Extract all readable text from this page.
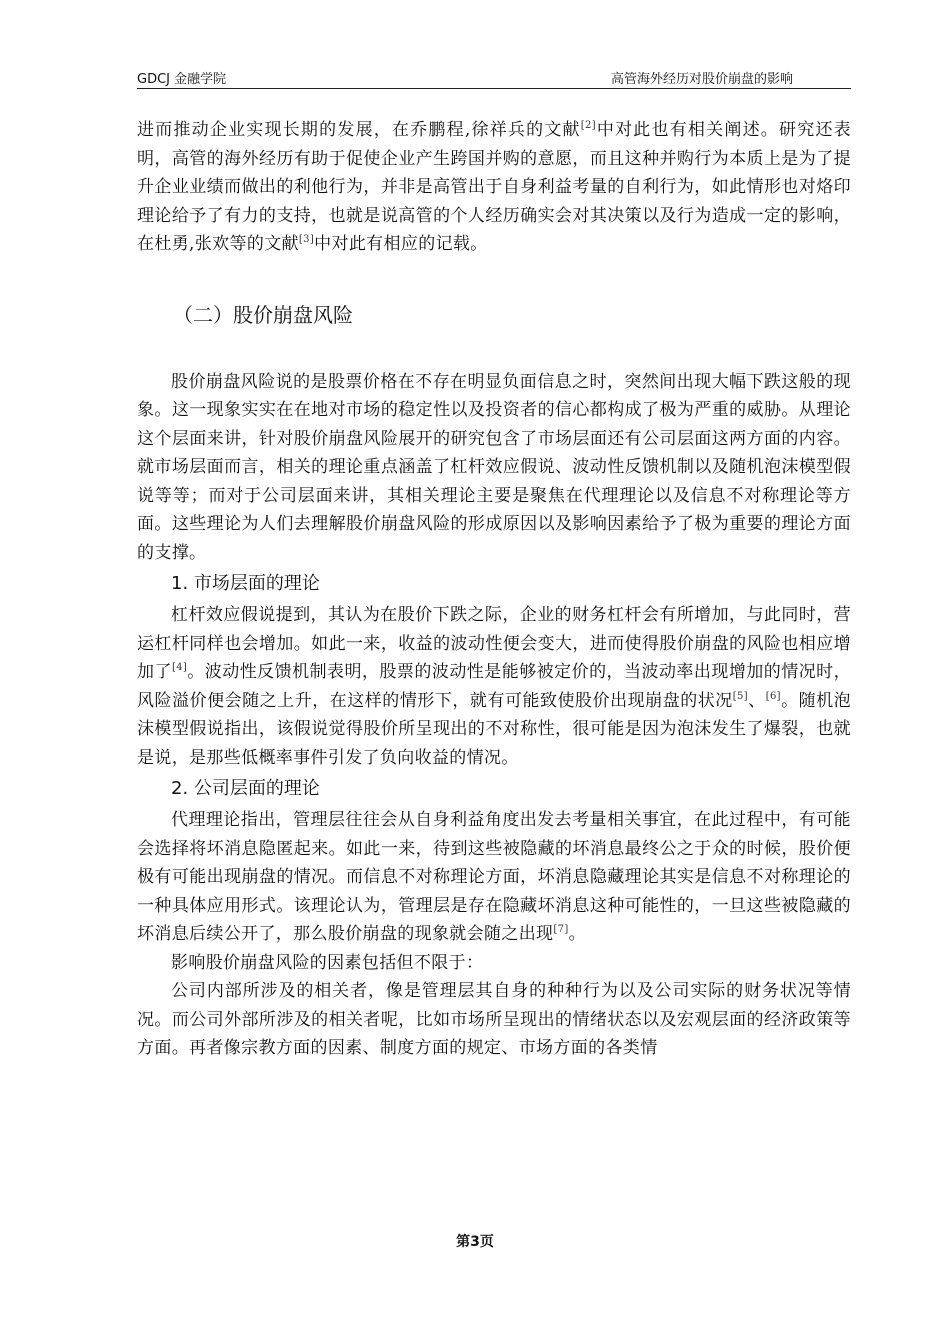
GDCJ 金融学院	高管海外经历对股价崩盘的影响

进而推动企业实现长期的发展，在乔鹏程,徐祥兵的文献[2]中对此也有相关阐述。研究还表明，高管的海外经历有助于促使企业产生跨国并购的意愿，而且这种并购行为本质上是为了提升企业业绩而做出的利他行为，并非是高管出于自身利益考量的自利行为，如此情形也对烙印理论给予了有力的支持，也就是说高管的个人经历确实会对其决策以及行为造成一定的影响，在杜勇,张欢等的文献[3]中对此有相应的记载。

（二）股价崩盘风险

股价崩盘风险说的是股票价格在不存在明显负面信息之时，突然间出现大幅下跌这般的现象。这一现象实实在在地对市场的稳定性以及投资者的信心都构成了极为严重的威胁。从理论这个层面来讲，针对股价崩盘风险展开的研究包含了市场层面还有公司层面这两方面的内容。就市场层面而言，相关的理论重点涵盖了杠杆效应假说、波动性反馈机制以及随机泡沫模型假说等等；而对于公司层面来讲，其相关理论主要是聚焦在代理理论以及信息不对称理论等方面。这些理论为人们去理解股价崩盘风险的形成原因以及影响因素给予了极为重要的理论方面的支撑。

1. 市场层面的理论

杠杆效应假说提到，其认为在股价下跌之际，企业的财务杠杆会有所增加，与此同时，营运杠杆同样也会增加。如此一来，收益的波动性便会变大，进而使得股价崩盘的风险也相应增加了[4]。波动性反馈机制表明，股票的波动性是能够被定价的，当波动率出现增加的情况时，风险溢价便会随之上升，在这样的情形下，就有可能致使股价出现崩盘的状况[5]、[6]。随机泡沫模型假说指出，该假说觉得股价所呈现出的不对称性，很可能是因为泡沫发生了爆裂，也就是说，是那些低概率事件引发了负向收益的情况。

2. 公司层面的理论

代理理论指出，管理层往往会从自身利益角度出发去考量相关事宜，在此过程中，有可能会选择将坏消息隐匿起来。如此一来，待到这些被隐藏的坏消息最终公之于众的时候，股价便极有可能出现崩盘的情况。而信息不对称理论方面，坏消息隐藏理论其实是信息不对称理论的一种具体应用形式。该理论认为，管理层是存在隐藏坏消息这种可能性的，一旦这些被隐藏的坏消息后续公开了，那么股价崩盘的现象就会随之出现[7]。

影响股价崩盘风险的因素包括但不限于：

公司内部所涉及的相关者，像是管理层其自身的种种行为以及公司实际的财务状况等情况。而公司外部所涉及的相关者呢，比如市场所呈现出的情绪状态以及宏观层面的经济政策等方面。再者像宗教方面的因素、制度方面的规定、市场方面的各类情

第3页
